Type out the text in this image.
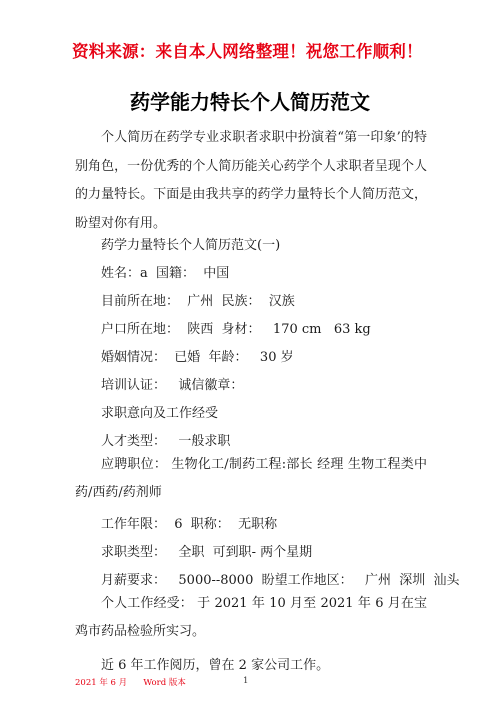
资料来源：来自本人网络整理！祝您工作顺利！
药学能力特长个人简历范文

个人简历在药学专业求职者求职中扮演着“第一印象’的特别角色，一份优秀的个人简历能关心药学个人求职者呈现个人的力量特长。下面是由我共享的药学力量特长个人简历范文，盼望对你有用。

药学力量特长个人简历范文(一)
姓名：a  国籍：  中国
目前所在地：  广州  民族：  汉族
户口所在地：  陕西  身材：   170 cm   63 kg
婚姻情况：  已婚  年龄：   30 岁
培训认证：   诚信徽章：
求职意向及工作经受
人才类型：   一般求职

应聘职位： 生物化工/制药工程:部长 经理 生物工程类中药/西药/药剂师

工作年限：  6  职称：  无职称
求职类型：   全职  可到职- 两个星期
月薪要求：   5000--8000  盼望工作地区：   广州  深圳  汕头

个人工作经受： 于 2021 年 10 月至 2021 年 6 月在宝鸡市药品检验所实习。

近 6 年工作阅历，曾在 2 家公司工作。
2021 年 6 月      Word 版本	1
